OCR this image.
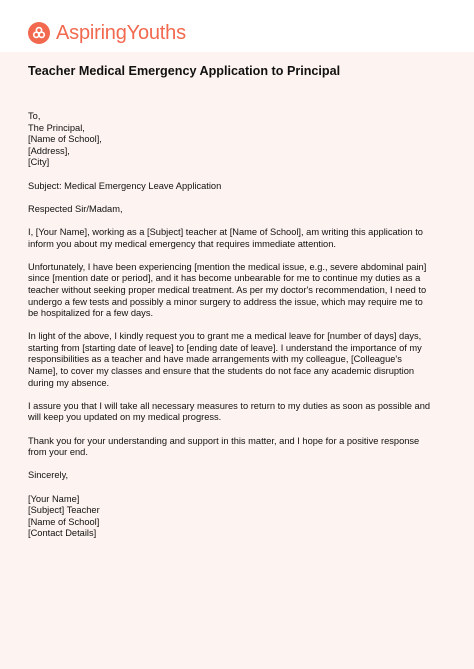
AspiringYouths
Teacher Medical Emergency Application to Principal
To,
The Principal,
[Name of School],
[Address],
[City]
Subject: Medical Emergency Leave Application
Respected Sir/Madam,
I, [Your Name], working as a [Subject] teacher at [Name of School], am writing this application to
inform you about my medical emergency that requires immediate attention.
Unfortunately, I have been experiencing [mention the medical issue, e.g., severe abdominal pain]
since [mention date or period], and it has become unbearable for me to continue my duties as a
teacher without seeking proper medical treatment. As per my doctor's recommendation, I need to
undergo a few tests and possibly a minor surgery to address the issue, which may require me to
be hospitalized for a few days.
In light of the above, I kindly request you to grant me a medical leave for [number of days] days,
starting from [starting date of leave] to [ending date of leave]. I understand the importance of my
responsibilities as a teacher and have made arrangements with my colleague, [Colleague's
Name], to cover my classes and ensure that the students do not face any academic disruption
during my absence.
I assure you that I will take all necessary measures to return to my duties as soon as possible and
will keep you updated on my medical progress.
Thank you for your understanding and support in this matter, and I hope for a positive response
from your end.
Sincerely,
[Your Name]
[Subject] Teacher
[Name of School]
[Contact Details]
